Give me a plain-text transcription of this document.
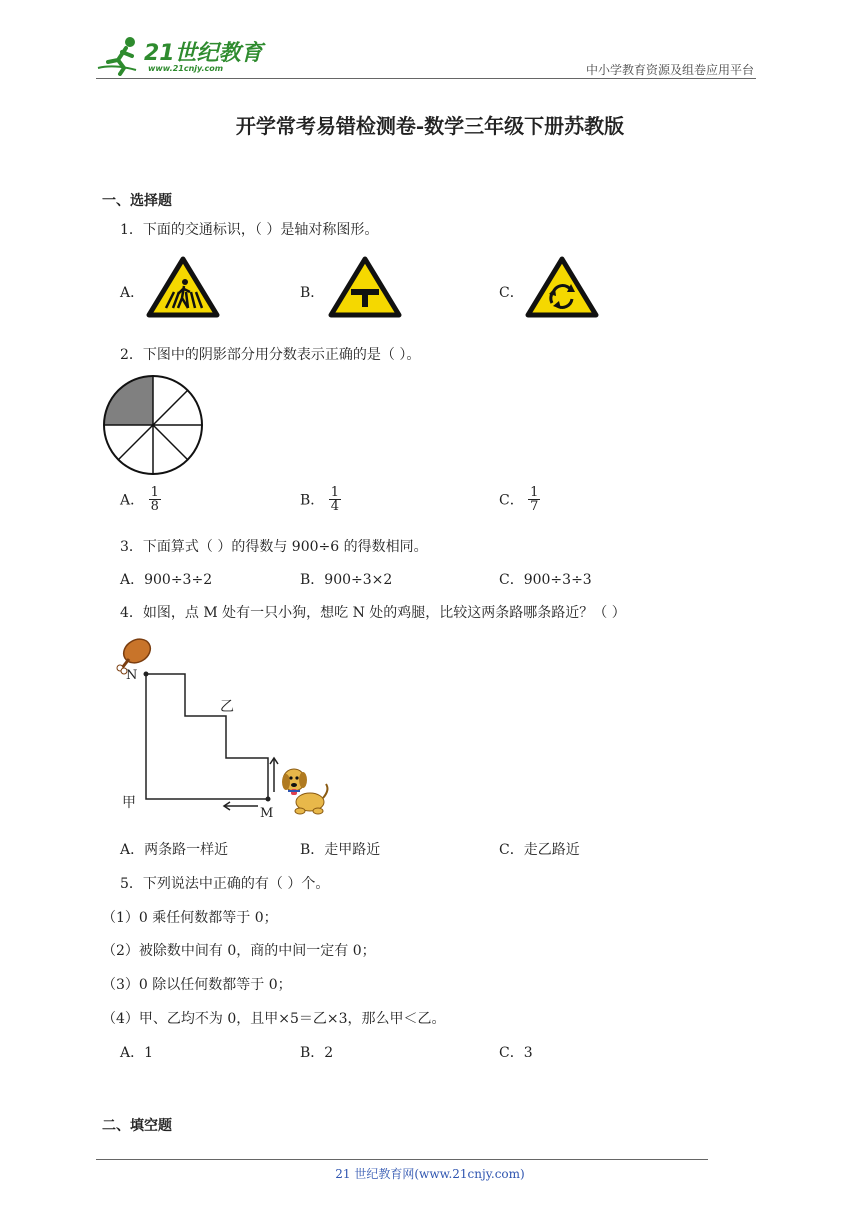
21世纪教育
www.21cnjy.com	中小学教育资源及组卷应用平台
开学常考易错检测卷-数学三年级下册苏教版
一、选择题
1．下面的交通标识，（ ）是轴对称图形。
A．	B．	C．
2．下图中的阴影部分用分数表示正确的是（ ）。
A． $\frac{1}{8}$	B． $\frac{1}{4}$	C． $\frac{1}{7}$
3．下面算式（ ）的得数与 900÷6 的得数相同。
A．900÷3÷2	B．900÷3×2	C．900÷3÷3
4．如图，点 M 处有一只小狗，想吃 N 处的鸡腿，比较这两条路哪条路近？（ ）
N
乙
甲
M
A．两条路一样近	B．走甲路近	C．走乙路近
5．下列说法中正确的有（ ）个。
（1）0 乘任何数都等于 0；
（2）被除数中间有 0，商的中间一定有 0；
（3）0 除以任何数都等于 0；
（4）甲、乙均不为 0，且甲×5＝乙×3，那么甲＜乙。
A．1	B．2	C．3
二、填空题
21 世纪教育网(www.21cnjy.com)
